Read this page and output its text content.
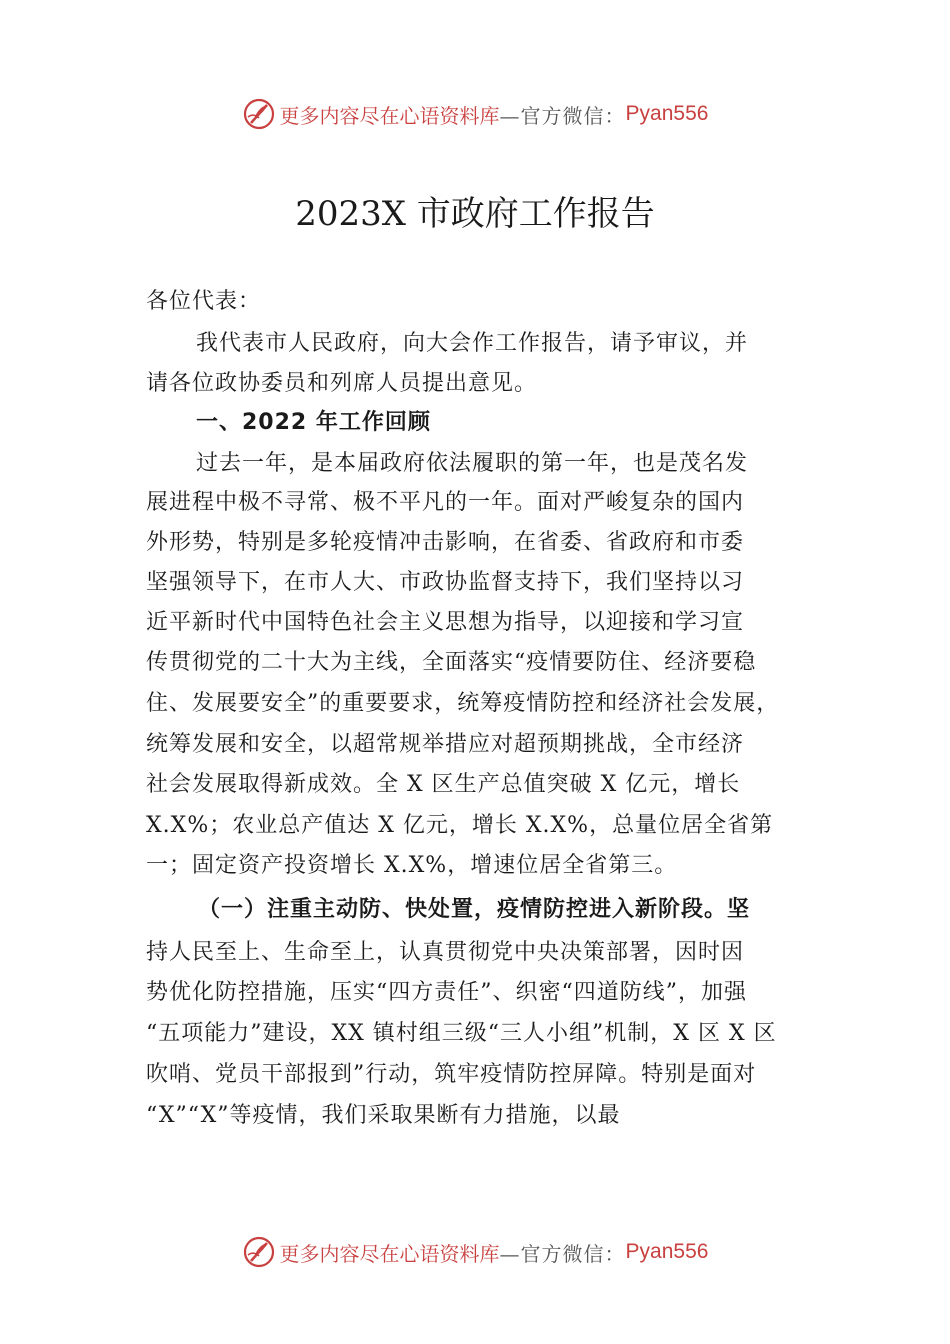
更多内容尽在心语资料库 —官方微信： Pyan556
2023X 市政府工作报告
各位代表：
我代表市人民政府，向大会作工作报告，请予审议，并
请各位政协委员和列席人员提出意见。
一、2022 年工作回顾
过去一年，是本届政府依法履职的第一年，也是茂名发
展进程中极不寻常、极不平凡的一年。面对严峻复杂的国内
外形势，特别是多轮疫情冲击影响，在省委、省政府和市委
坚强领导下，在市人大、市政协监督支持下，我们坚持以习
近平新时代中国特色社会主义思想为指导，以迎接和学习宣
传贯彻党的二十大为主线，全面落实“疫情要防住、经济要稳
住、发展要安全”的重要要求，统筹疫情防控和经济社会发展，
统筹发展和安全，以超常规举措应对超预期挑战，全市经济
社会发展取得新成效。全 X 区生产总值突破 X 亿元，增长
X.X%；农业总产值达 X 亿元，增长 X.X%，总量位居全省第
一；固定资产投资增长 X.X%，增速位居全省第三。
（一）注重主动防、快处置，疫情防控进入新阶段。坚
持人民至上、生命至上，认真贯彻党中央决策部署，因时因
势优化防控措施，压实“四方责任”、织密“四道防线”，加强
“五项能力”建设，XX 镇村组三级“三人小组”机制，X 区 X 区
吹哨、党员干部报到”行动，筑牢疫情防控屏障。特别是面对
“X”“X”等疫情，我们采取果断有力措施，以最
更多内容尽在心语资料库 —官方微信： Pyan556
